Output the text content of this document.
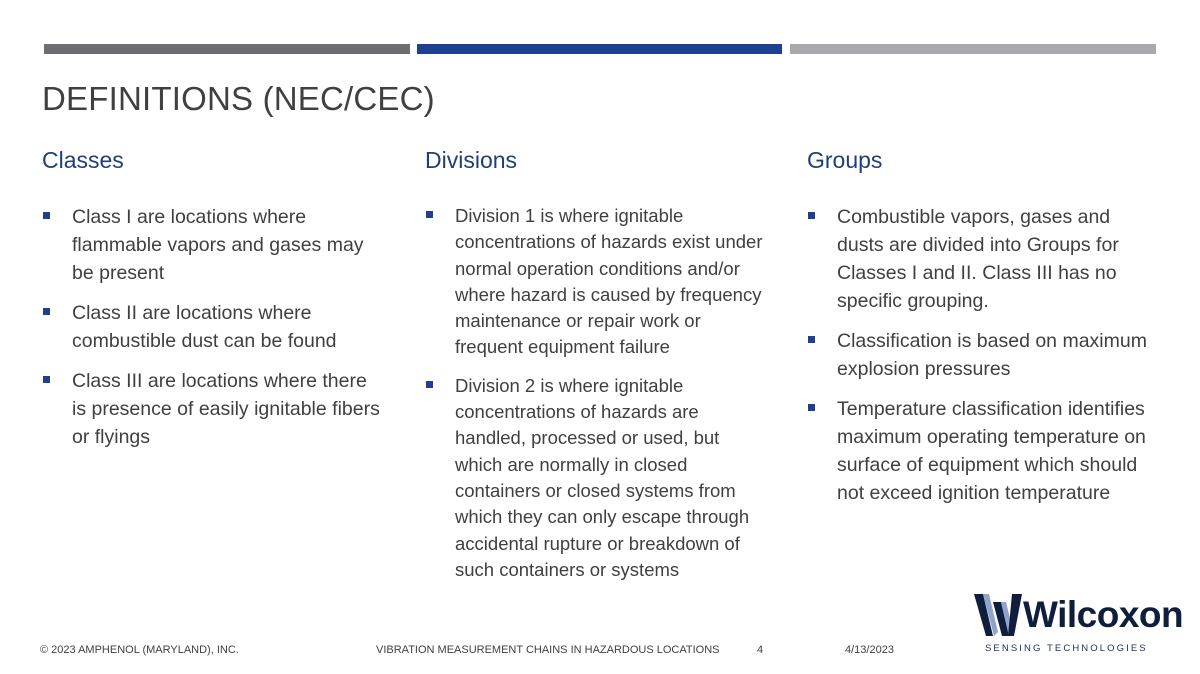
DEFINITIONS (NEC/CEC)
Classes
Class I are locations where flammable vapors and gases may be present
Class II are locations where combustible dust can be found
Class III are locations where there is presence of easily ignitable fibers or flyings
Divisions
Division 1 is where ignitable concentrations of hazards exist under normal operation conditions and/or where hazard is caused by frequency maintenance or repair work or frequent equipment failure
Division 2 is where ignitable concentrations of hazards are handled, processed or used, but which are normally in closed containers or closed systems from which they can only escape through accidental rupture or breakdown of such containers or systems
Groups
Combustible vapors, gases and dusts are divided into Groups for Classes I and II. Class III has no specific grouping.
Classification is based on maximum explosion pressures
Temperature classification identifies maximum operating temperature on surface of equipment which should not exceed ignition temperature
© 2023 AMPHENOL (MARYLAND), INC.	VIBRATION MEASUREMENT CHAINS IN HAZARDOUS LOCATIONS	4	4/13/2023
Wilcoxon
SENSING TECHNOLOGIES
